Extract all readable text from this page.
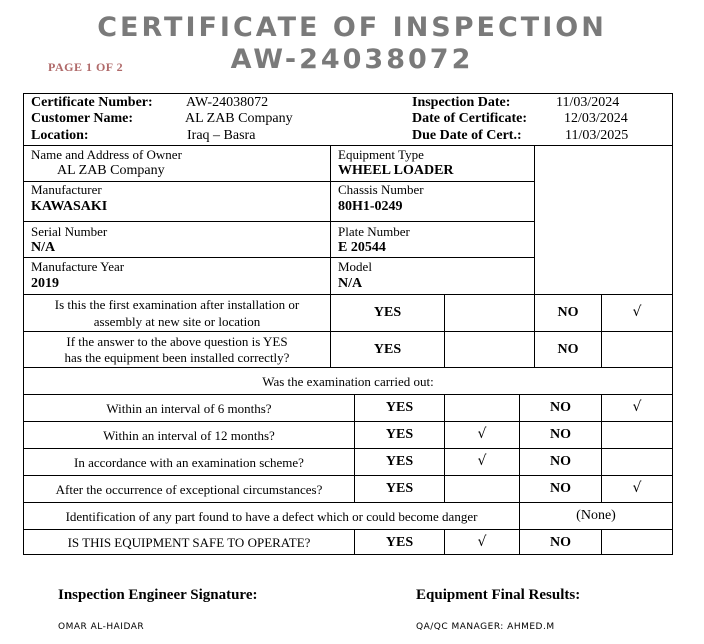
CERTIFICATE OF INSPECTION
AW-24038072
PAGE 1 OF 2
Certificate Number: AW-24038072
Customer Name:	AL ZAB Company
Location:	Iraq – Basra
Inspection Date:	11/03/2024
Date of Certificate:	12/03/2024
Due Date of Cert.:	11/03/2025
Name and Address of Owner
AL ZAB Company
Equipment Type
WHEEL LOADER
Manufacturer
KAWASAKI
Chassis Number
80H1-0249
Serial Number
N/A
Plate Number
E 20544
Manufacture Year
2019
Model
N/A
Is this the first examination after installation or
assembly at new site or location
YES	NO	√
If the answer to the above question is YES
has the equipment been installed correctly?
YES	NO
Was the examination carried out:
Within an interval of 6 months?	YES	NO	√
Within an interval of 12 months?	YES	√	NO
In accordance with an examination scheme?	YES	√	NO
After the occurrence of exceptional circumstances?	YES	NO	√
Identification of any part found to have a defect which or could become danger	(None)
IS THIS EQUIPMENT SAFE TO OPERATE?	YES	√	NO
Inspection Engineer Signature:
OMAR AL-HAIDAR
Equipment Final Results:
QA/QC MANAGER: AHMED.M
